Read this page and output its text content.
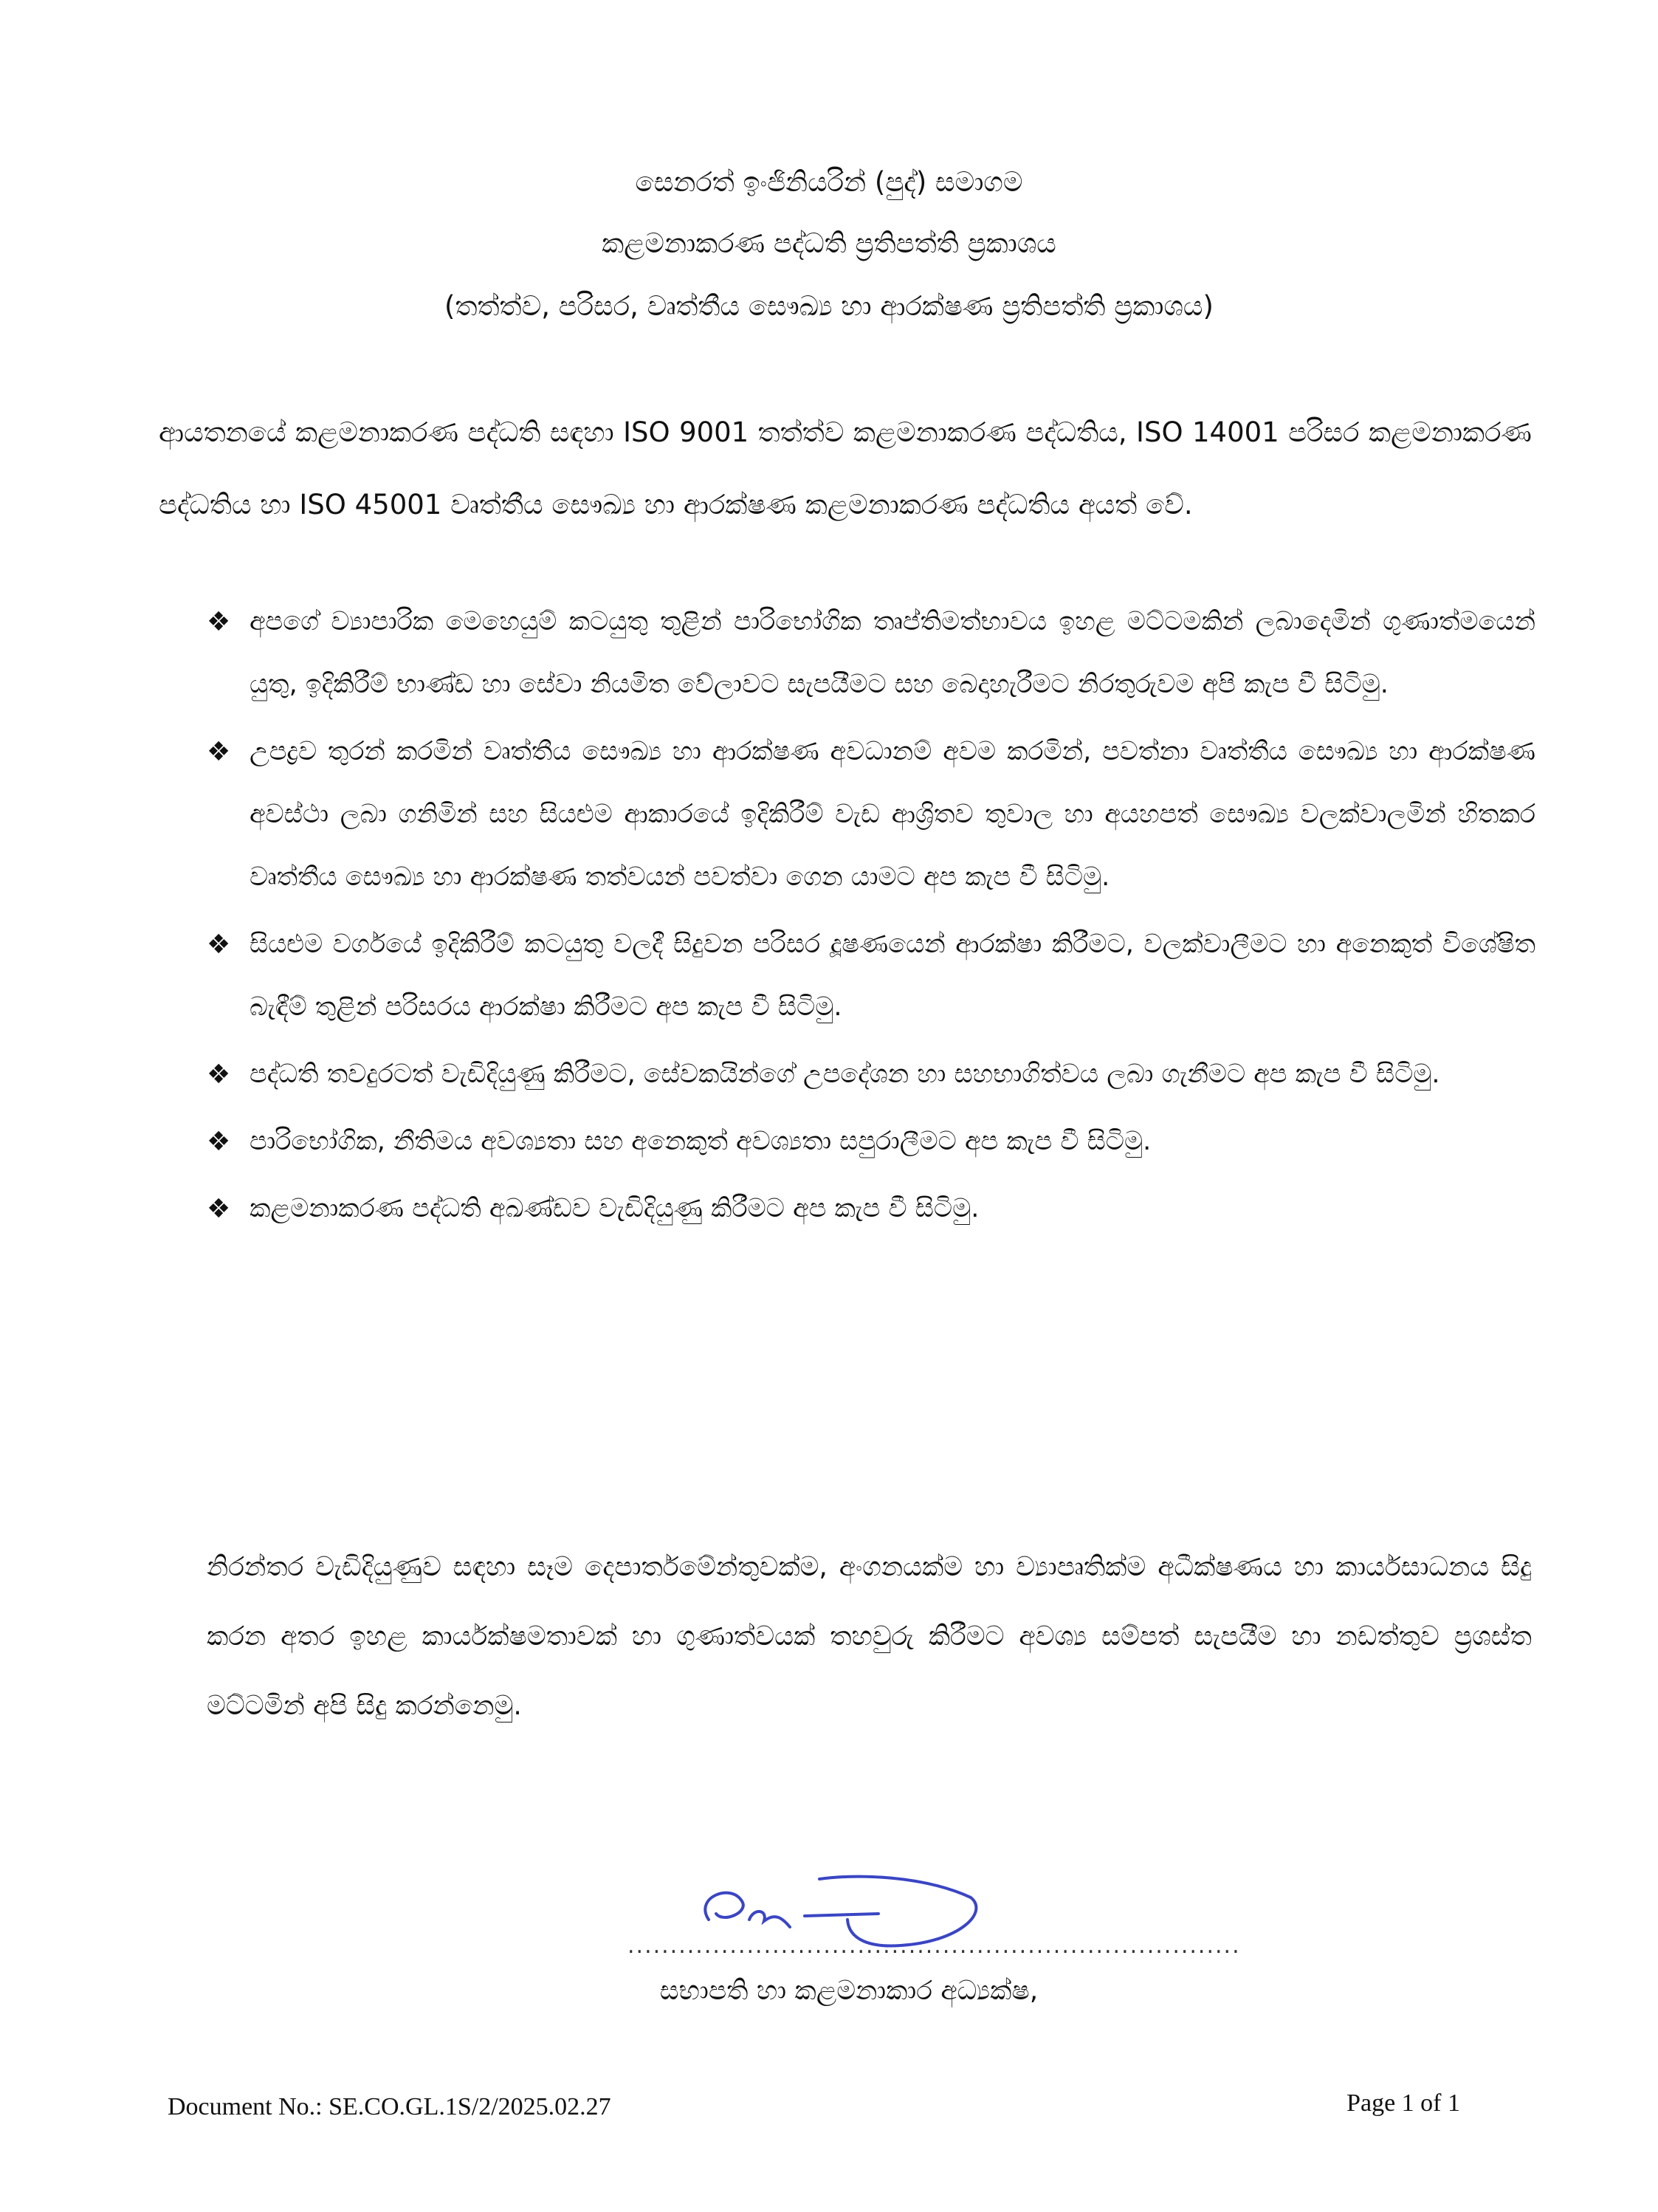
සෙනරත් ඉංජිනියරින් (පුද්) සමාගම
කළමනාකරණ පද්ධති ප්‍රතිපත්ති ප්‍රකාශය
(තත්ත්ව, පරිසර, වෘත්තීය සෞඛ්‍ය හා ආරක්ෂණ ප්‍රතිපත්ති ප්‍රකාශය)

ආයතනයේ කළමනාකරණ පද්ධති සඳහා ISO 9001 තත්ත්ව කළමනාකරණ පද්ධතිය, ISO 14001 පරිසර කළමනාකරණ පද්ධතිය හා ISO 45001 වෘත්තීය සෞඛ්‍ය හා ආරක්ෂණ කළමනාකරණ පද්ධතිය අයත් වේ.

❖ අපගේ ව්‍යාපාරික මෙහෙයුම් කටයුතු තුළින් පාරිභෝගික තෘප්තිමත්භාවය ඉහළ මට්ටමකින් ලබාදෙමින් ගුණාත්මයෙන් යුතු, ඉදිකිරීම් භාණ්ඩ හා සේවා නියමිත වේලාවට සැපයීමට සහ බෙදාහැරීමට නිරතුරුවම අපි කැප වී සිටිමු.
❖ උපද්‍රව තුරන් කරමින් වෘත්තීය සෞඛ්‍ය හා ආරක්ෂණ අවධානම් අවම කරමින්, පවත්නා වෘත්තීය සෞඛ්‍ය හා ආරක්ෂණ අවස්ථා ලබා ගනිමින් සහ සියළුම ආකාරයේ ඉදිකිරීම් වැඩ ආශ්‍රිතව තුවාල හා අයහපත් සෞඛ්‍ය වලක්වාලමින් හිතකර වෘත්තීය සෞඛ්‍ය හා ආරක්ෂණ තත්වයන් පවත්වා ගෙන යාමට අප කැප වී සිටිමු.
❖ සියළුම වර්ගයේ ඉදිකිරීම් කටයුතු වලදී සිදුවන පරිසර දූෂණයෙන් ආරක්ෂා කිරීමට, වලක්වාලීමට හා අනෙකුත් විශේෂිත බැඳීම් තුළින් පරිසරය ආරක්ෂා කිරීමට අප කැප වී සිටිමු.
❖ පද්ධති තවදුරටත් වැඩිදියුණු කිරීමට, සේවකයින්ගේ උපදේශන හා සහභාගිත්වය ලබා ගැනීමට අප කැප වී සිටිමු.
❖ පාරිභෝගික, නීතිමය අවශ්‍යතා සහ අනෙකුත් අවශ්‍යතා සපුරාලීමට අප කැප වී සිටිමු.
❖ කළමනාකරණ පද්ධති අඛණ්ඩව වැඩිදියුණු කිරීමට අප කැප වී සිටිමු.

නිරන්තර වැඩිදියුණුව සඳහා සෑම දෙපාර්තමේන්තුවක්ම, අංගනයක්ම හා ව්‍යාපෘතික්ම අධීක්ෂණය හා කාර්යසාධනය සිදු කරන අතර ඉහළ කාර්යක්ෂමතාවක් හා ගුණාත්වයක් තහවුරු කිරීමට අවශ්‍ය සම්පත් සැපයීම හා නඩත්තුව ප්‍රශස්ත මට්ටමින් අපි සිදු කරන්නෙමු.

........................................................................
සභාපති හා කළමනාකාර අධ්‍යක්ෂ,
Document No.: SE.CO.GL.1S/2/2025.02.27	Page 1 of 1
